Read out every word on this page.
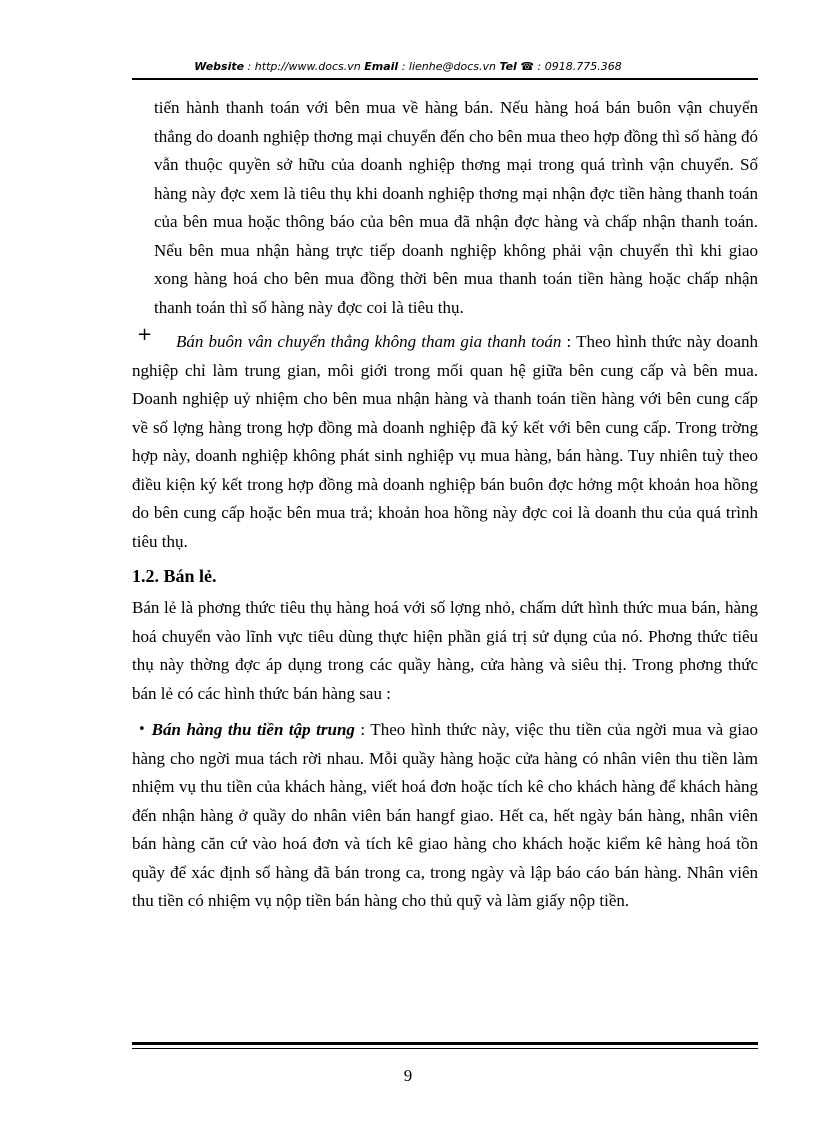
Website : http://www.docs.vn Email : lienhe@docs.vn Tel ☎ : 0918.775.368

tiến hành thanh toán với bên mua về hàng bán. Nếu hàng hoá bán buôn vận chuyển thẳng do doanh nghiệp thơng mại chuyển đến cho bên mua theo hợp đồng thì số hàng đó vẫn thuộc quyền sở hữu của doanh nghiệp thơng mại trong quá trình vận chuyển. Số hàng này đợc xem là tiêu thụ khi doanh nghiệp thơng mại nhận đợc tiền hàng thanh toán của bên mua hoặc thông báo của bên mua đã nhận đợc hàng và chấp nhận thanh toán. Nếu bên mua nhận hàng trực tiếp doanh nghiệp không phải vận chuyển thì khi giao xong hàng hoá cho bên mua đồng thời bên mua thanh toán tiền hàng hoặc chấp nhận thanh toán thì số hàng này đợc coi là tiêu thụ.

+	Bán buôn vân chuyển thẳng không tham gia thanh toán : Theo hình thức này doanh nghiệp chỉ làm trung gian, môi giới trong mối quan hệ giữa bên cung cấp và bên mua. Doanh nghiệp uỷ nhiệm cho bên mua nhận hàng và thanh toán tiền hàng với bên cung cấp về số lợng hàng trong hợp đồng mà doanh nghiệp đã ký kết với bên cung cấp. Trong trờng hợp này, doanh nghiệp không phát sinh nghiệp vụ mua hàng, bán hàng. Tuy nhiên tuỳ theo điều kiện ký kết trong hợp đồng mà doanh nghiệp bán buôn đợc hởng một khoản hoa hồng do bên cung cấp hoặc bên mua trả; khoản hoa hồng này đợc coi là doanh thu của quá trình tiêu thụ.

1.2. Bán lẻ.

Bán lẻ là phơng thức tiêu thụ hàng hoá với số lợng nhỏ, chấm dứt hình thức mua bán, hàng hoá chuyển vào lĩnh vực tiêu dùng thực hiện phần giá trị sử dụng của nó. Phơng thức tiêu thụ này thờng đợc áp dụng trong các quầy hàng, cửa hàng và siêu thị. Trong phơng thức bán lẻ có các hình thức bán hàng sau :

• Bán hàng thu tiền tập trung : Theo hình thức này, việc thu tiền của ngời mua và giao hàng cho ngời mua tách rời nhau. Mỗi quầy hàng hoặc cửa hàng có nhân viên thu tiền làm nhiệm vụ thu tiền của khách hàng, viết hoá đơn hoặc tích kê cho khách hàng để khách hàng đến nhận hàng ở quầy do nhân viên bán hangf giao. Hết ca, hết ngày bán hàng, nhân viên bán hàng căn cứ vào hoá đơn và tích kê giao hàng cho khách hoặc kiểm kê hàng hoá tồn quầy để xác định số hàng đã bán trong ca, trong ngày và lập báo cáo bán hàng. Nhân viên thu tiền có nhiệm vụ nộp tiền bán hàng cho thủ quỹ và làm giấy nộp tiền.

9
